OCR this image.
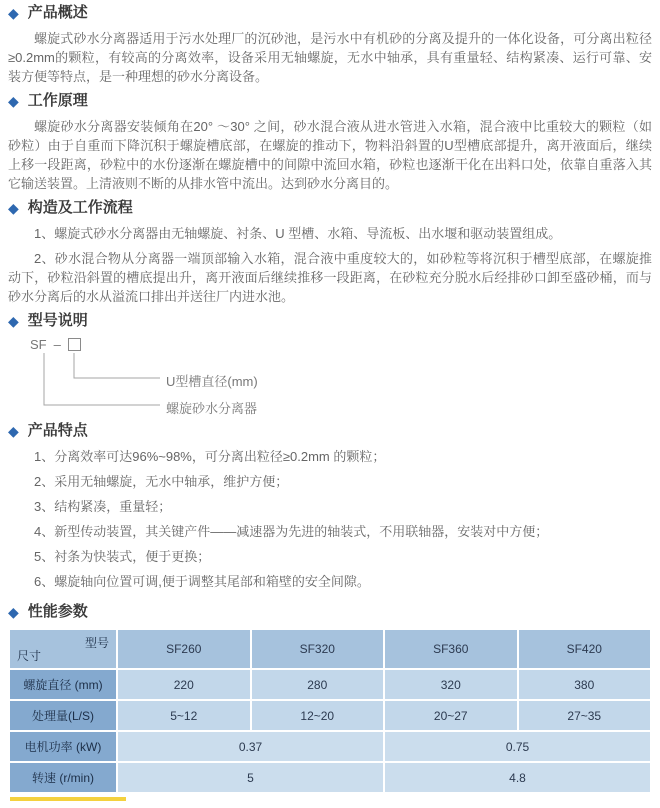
◆ 产品概述

螺旋式砂水分离器适用于污水处理厂的沉砂池，是污水中有机砂的分离及提升的一体化设备，可分离出粒径≥0.2mm的颗粒，有较高的分离效率，设备采用无轴螺旋，无水中轴承，具有重量轻、结构紧凑、运行可靠、安装方便等特点，是一种理想的砂水分离设备。

◆ 工作原理

螺旋砂水分离器安装倾角在20° ～30° 之间，砂水混合液从进水管进入水箱，混合液中比重较大的颗粒（如砂粒）由于自重而下降沉积于螺旋槽底部，在螺旋的推动下，物料沿斜置的U型槽底部提升，离开液面后，继续上移一段距离，砂粒中的水份逐渐在螺旋槽中的间隙中流回水箱，砂粒也逐渐干化在出料口处，依靠自重落入其它输送装置。上清液则不断的从排水管中流出。达到砂水分离目的。

◆ 构造及工作流程

1、螺旋式砂水分离器由无轴螺旋、衬条、U 型槽、水箱、导流板、出水堰和驱动装置组成。

2、砂水混合物从分离器一端顶部输入水箱，混合液中重度较大的，如砂粒等将沉积于槽型底部，在螺旋推动下，砂粒沿斜置的槽底提出升，离开液面后继续推移一段距离，在砂粒充分脱水后经排砂口卸至盛砂桶，而与砂水分离后的水从溢流口排出并送往厂内进水池。

◆ 型号说明
SF –
U型槽直径(mm)
螺旋砂水分离器
◆ 产品特点

1、分离效率可达96%~98%，可分离出粒径≥0.2mm 的颗粒；

2、采用无轴螺旋，无水中轴承，维护方便；

3、结构紧凑，重量轻；

4、新型传动装置，其关键产件——减速器为先进的轴装式，不用联轴器，安装对中方便；

5、衬条为快装式，便于更换；

6、螺旋轴向位置可调,便于调整其尾部和箱壁的安全间隙。

◆ 性能参数
型号
尺寸	SF260	SF320	SF360	SF420
螺旋直径 (mm)	220	280	320	380
处理量(L/S)	5~12	12~20	20~27	27~35
电机功率 (kW)	0.37		0.75	
转速 (r/min)	5		4.8	
